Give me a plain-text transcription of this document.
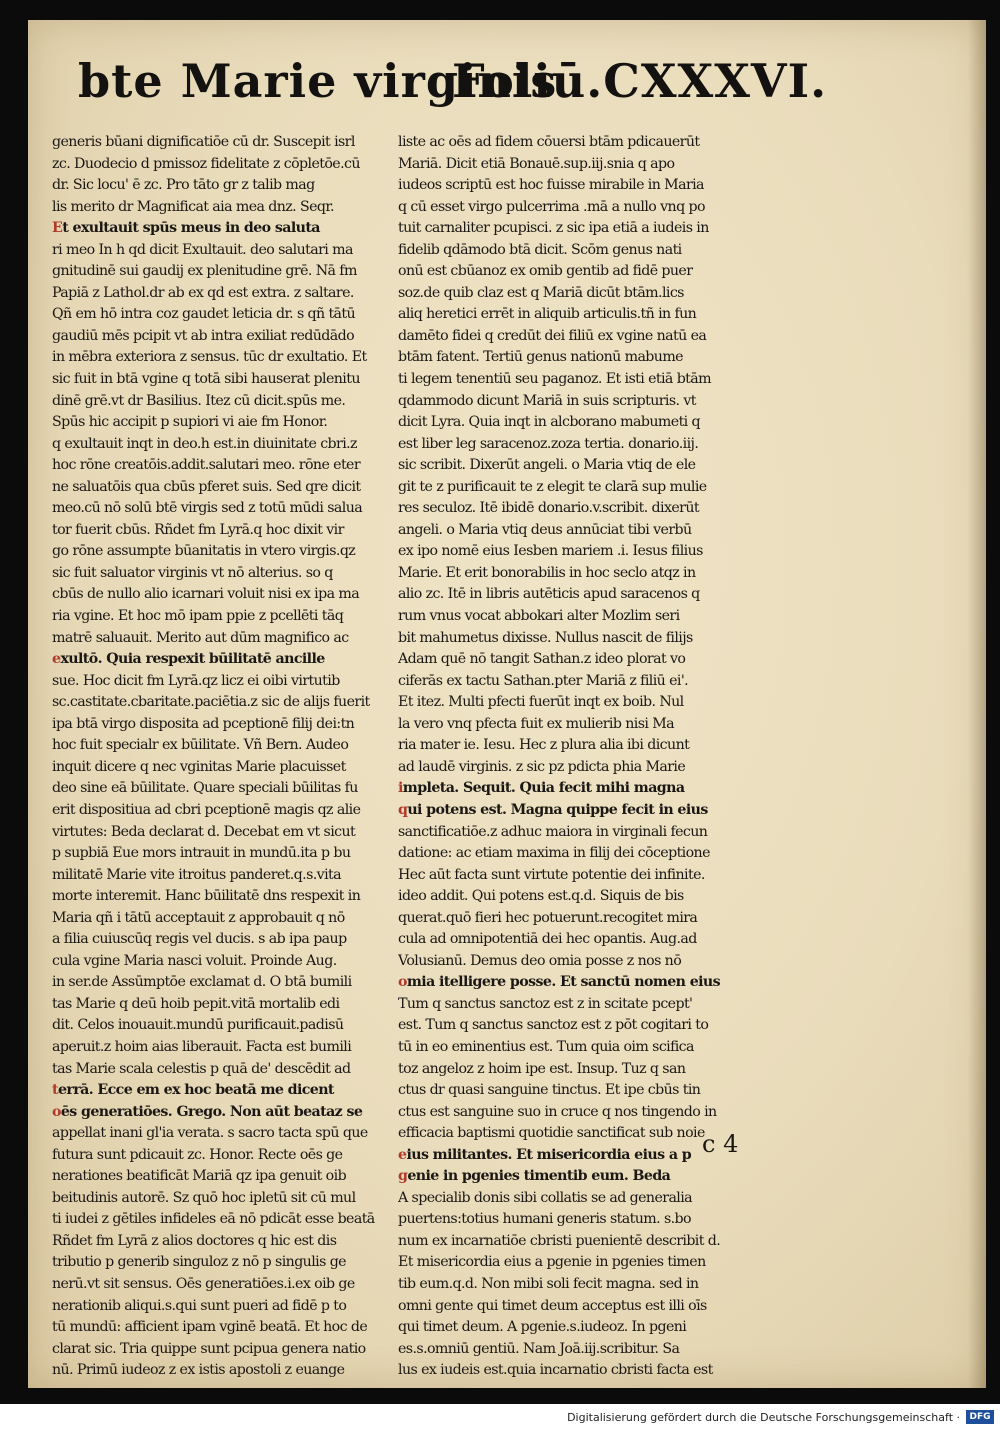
bte Marie virginis
Foliū.CXXXVI.
generis būani dignificatiōe cū dr. Suscepit isrl
zc. Duodecio d pmissoz fidelitate z cōpletōe.cū
dr. Sic locu' ē zc. Pro tāto gr z talib mag
lis merito dr Magnificat aia mea dnz. Seqr.
Et exultauit spūs meus in deo saluta
ri meo In h qd dicit Exultauit. deo salutari ma
gnitudinē sui gaudij ex plenitudine grē. Nā fm
Papiā z Lathol.dr ab ex qd est extra. z saltare.
Qñ em hō intra coz gaudet leticia dr. s qñ tātū
gaudiū mēs pcipit vt ab intra exiliat redūdādo
in mēbra exteriora z sensus. tūc dr exultatio. Et
sic fuit in btā vgine q totā sibi hauserat plenitu
dinē grē.vt dr Basilius. Itez cū dicit.spūs me.
Spūs hic accipit p supiori vi aie fm Honor.
q exultauit inqt in deo.h est.in diuinitate cbri.z
hoc rōne creatōis.addit.salutari meo. rōne eter
ne saluatōis qua cbūs pferet suis. Sed qre dicit
meo.cū nō solū btē virgis sed z totū mūdi salua
tor fuerit cbūs. Rñdet fm Lyrā.q hoc dixit vir
go rōne assumpte būanitatis in vtero virgis.qz
sic fuit saluator virginis vt nō alterius. so q
cbūs de nullo alio icarnari voluit nisi ex ipa ma
ria vgine. Et hoc mō ipam ppie z pcellēti tāq
matrē saluauit. Merito aut dūm magnifico ac
exultō. Quia respexit būilitatē ancille
sue. Hoc dicit fm Lyrā.qz licz ei oibi virtutib
sc.castitate.cbaritate.paciētia.z sic de alijs fuerit
ipa btā virgo disposita ad pceptionē filij dei:tn
hoc fuit specialr ex būilitate. Vñ Bern. Audeo
inquit dicere q nec vginitas Marie placuisset
deo sine eā būilitate. Quare speciali būilitas fu
erit dispositiua ad cbri pceptionē magis qz alie
virtutes: Beda declarat d. Decebat em vt sicut
p supbiā Eue mors intrauit in mundū.ita p bu
militatē Marie vite itroitus panderet.q.s.vita
morte interemit. Hanc būilitatē dns respexit in
Maria qñ i tātū acceptauit z approbauit q nō
a filia cuiuscūq regis vel ducis. s ab ipa paup
cula vgine Maria nasci voluit. Proinde Aug.
in ser.de Assūmptōe exclamat d. O btā bumili
tas Marie q deū hoib pepit.vitā mortalib edi
dit. Celos inouauit.mundū purificauit.padisū
aperuit.z hoim aias liberauit. Facta est bumili
tas Marie scala celestis p quā de' descēdit ad
terrā. Ecce em ex hoc beatā me dicent
oēs generatiōes. Grego. Non aūt beataz se
appellat inani gl'ia verata. s sacro tacta spū que
futura sunt pdicauit zc. Honor. Recte oēs ge
nerationes beatificāt Mariā qz ipa genuit oib
beitudinis autorē. Sz quō hoc ipletū sit cū mul
ti iudei z gētiles infideles eā nō pdicāt esse beatā
Rñdet fm Lyrā z alios doctores q hic est dis
tributio p generib singuloz z nō p singulis ge
nerū.vt sit sensus. Oēs generatiōes.i.ex oib ge
nerationib aliqui.s.qui sunt pueri ad fidē p to
tū mundū: afficient ipam vginē beatā. Et hoc de
clarat sic. Tria quippe sunt pcipua genera natio
nū. Primū iudeoz z ex istis apostoli z euange
liste ac oēs ad fidem cōuersi btām pdicauerūt
Mariā. Dicit etiā Bonauē.sup.iij.snia q apo
iudeos scriptū est hoc fuisse mirabile in Maria
q cū esset virgo pulcerrima .mā a nullo vnq po
tuit carnaliter pcupisci. z sic ipa etiā a iudeis in
fidelib qdāmodo btā dicit. Scōm genus nati
onū est cbūanoz ex omib gentib ad fidē puer
soz.de quib claz est q Mariā dicūt btām.lics
aliq heretici errēt in aliquib articulis.tñ in fun
damēto fidei q credūt dei filiū ex vgine natū ea
btām fatent. Tertiū genus nationū mabume
ti legem tenentiū seu paganoz. Et isti etiā btām
qdammodo dicunt Mariā in suis scripturis. vt
dicit Lyra. Quia inqt in alcborano mabumeti q
est liber leg saracenoz.zoza tertia. donario.iij.
sic scribit. Dixerūt angeli. o Maria vtiq de ele
git te z purificauit te z elegit te clarā sup mulie
res seculoz. Itē ibidē donario.v.scribit. dixerūt
angeli. o Maria vtiq deus annūciat tibi verbū
ex ipo nomē eius Iesben mariem .i. Iesus filius
Marie. Et erit bonorabilis in hoc seclo atqz in
alio zc. Itē in libris autēticis apud saracenos q
rum vnus vocat abbokari alter Mozlim seri
bit mahumetus dixisse. Nullus nascit de filijs
Adam quē nō tangit Sathan.z ideo plorat vo
ciferās ex tactu Sathan.pter Mariā z filiū ei'.
Et itez. Multi pfecti fuerūt inqt ex boib. Nul
la vero vnq pfecta fuit ex mulierib nisi Ma
ria mater ie. Iesu. Hec z plura alia ibi dicunt
ad laudē virginis. z sic pz pdicta phia Marie
impleta. Sequit. Quia fecit mihi magna
qui potens est. Magna quippe fecit in eius
sanctificatiōe.z adhuc maiora in virginali fecun
datione: ac etiam maxima in filij dei cōceptione
Hec aūt facta sunt virtute potentie dei infinite.
ideo addit. Qui potens est.q.d. Siquis de bis
querat.quō fieri hec potuerunt.recogitet mira
cula ad omnipotentiā dei hec opantis. Aug.ad
Volusianū. Demus deo omia posse z nos nō
omia itelligere posse. Et sanctū nomen eius
Tum q sanctus sanctoz est z in scitate pcept'
est. Tum q sanctus sanctoz est z pōt cogitari to
tū in eo eminentius est. Tum quia oim scifica
toz angeloz z hoim ipe est. Insup. Tuz q san
ctus dr quasi sanguine tinctus. Et ipe cbūs tin
ctus est sanguine suo in cruce q nos tingendo in
efficacia baptismi quotidie sanctificat sub noie
eius militantes. Et misericordia eius a p
genie in pgenies timentib eum. Beda
A specialib donis sibi collatis se ad generalia
puertens:totius humani generis statum. s.bo
num ex incarnatiōe cbristi puenientē describit d.
Et misericordia eius a pgenie in pgenies timen
tib eum.q.d. Non mibi soli fecit magna. sed in
omni gente qui timet deum acceptus est illi oīs
qui timet deum. A pgenie.s.iudeoz. In pgeni
es.s.omniū gentiū. Nam Joā.iij.scribitur. Sa
lus ex iudeis est.quia incarnatio cbristi facta est
c 4
Digitalisierung gefördert durch die Deutsche Forschungsgemeinschaft ·	DFG
